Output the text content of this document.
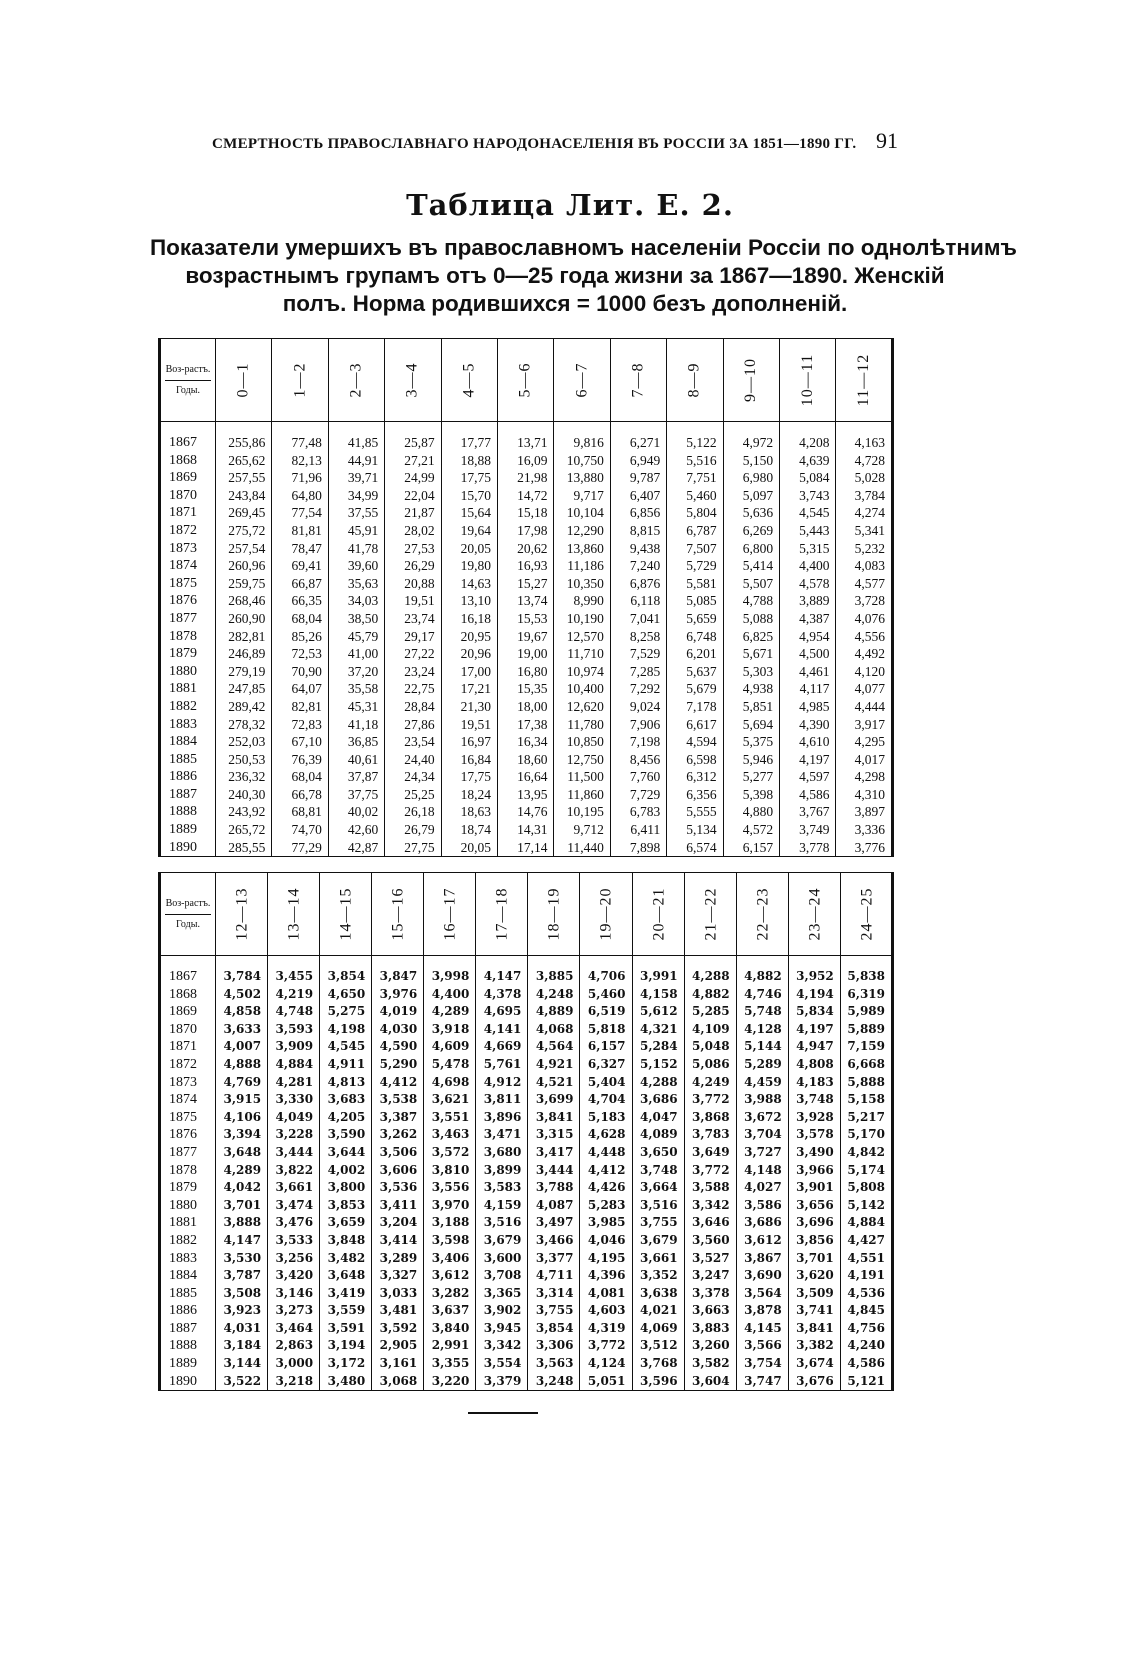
СМЕРТНОСТЬ ПРАВОСЛАВНАГО НАРОДОНАСЕЛЕНІЯ ВЪ РОССІИ ЗА 1851—1890 ГГ. 91
Таблица Лит. Е. 2.
Показатели умершихъ въ православномъ населеніи Россіи по однолѣтнимъ
возрастнымъ групамъ отъ 0—25 года жизни за 1867—1890. Женскій
полъ. Норма родившихся = 1000 безъ дополненій.
Воз-растъ.
Годы.	0—1	1—2	2—3	3—4	4—5	5—6	6—7	7—8	8—9	9—10	10—11	11—12

1867	255,86	77,48	41,85	25,87	17,77	13,71	9,816	6,271	5,122	4,972	4,208	4,163
1868	265,62	82,13	44,91	27,21	18,88	16,09	10,750	6,949	5,516	5,150	4,639	4,728
1869	257,55	71,96	39,71	24,99	17,75	21,98	13,880	9,787	7,751	6,980	5,084	5,028
1870	243,84	64,80	34,99	22,04	15,70	14,72	9,717	6,407	5,460	5,097	3,743	3,784
1871	269,45	77,54	37,55	21,87	15,64	15,18	10,104	6,856	5,804	5,636	4,545	4,274
1872	275,72	81,81	45,91	28,02	19,64	17,98	12,290	8,815	6,787	6,269	5,443	5,341
1873	257,54	78,47	41,78	27,53	20,05	20,62	13,860	9,438	7,507	6,800	5,315	5,232
1874	260,96	69,41	39,60	26,29	19,80	16,93	11,186	7,240	5,729	5,414	4,400	4,083
1875	259,75	66,87	35,63	20,88	14,63	15,27	10,350	6,876	5,581	5,507	4,578	4,577
1876	268,46	66,35	34,03	19,51	13,10	13,74	8,990	6,118	5,085	4,788	3,889	3,728
1877	260,90	68,04	38,50	23,74	16,18	15,53	10,190	7,041	5,659	5,088	4,387	4,076
1878	282,81	85,26	45,79	29,17	20,95	19,67	12,570	8,258	6,748	6,825	4,954	4,556
1879	246,89	72,53	41,00	27,22	20,96	19,00	11,710	7,529	6,201	5,671	4,500	4,492
1880	279,19	70,90	37,20	23,24	17,00	16,80	10,974	7,285	5,637	5,303	4,461	4,120
1881	247,85	64,07	35,58	22,75	17,21	15,35	10,400	7,292	5,679	4,938	4,117	4,077
1882	289,42	82,81	45,31	28,84	21,30	18,00	12,620	9,024	7,178	5,851	4,985	4,444
1883	278,32	72,83	41,18	27,86	19,51	17,38	11,780	7,906	6,617	5,694	4,390	3,917
1884	252,03	67,10	36,85	23,54	16,97	16,34	10,850	7,198	4,594	5,375	4,610	4,295
1885	250,53	76,39	40,61	24,40	16,84	18,60	12,750	8,456	6,598	5,946	4,197	4,017
1886	236,32	68,04	37,87	24,34	17,75	16,64	11,500	7,760	6,312	5,277	4,597	4,298
1887	240,30	66,78	37,75	25,25	18,24	13,95	11,860	7,729	6,356	5,398	4,586	4,310
1888	243,92	68,81	40,02	26,18	18,63	14,76	10,195	6,783	5,555	4,880	3,767	3,897
1889	265,72	74,70	42,60	26,79	18,74	14,31	9,712	6,411	5,134	4,572	3,749	3,336
1890	285,55	77,29	42,87	27,75	20,05	17,14	11,440	7,898	6,574	6,157	3,778	3,776
Воз-растъ.
Годы.	12—13	13—14	14—15	15—16	16—17	17—18	18—19	19—20	20—21	21—22	22—23	23—24	24—25

1867	3,784	3,455	3,854	3,847	3,998	4,147	3,885	4,706	3,991	4,288	4,882	3,952	5,838
1868	4,502	4,219	4,650	3,976	4,400	4,378	4,248	5,460	4,158	4,882	4,746	4,194	6,319
1869	4,858	4,748	5,275	4,019	4,289	4,695	4,889	6,519	5,612	5,285	5,748	5,834	5,989
1870	3,633	3,593	4,198	4,030	3,918	4,141	4,068	5,818	4,321	4,109	4,128	4,197	5,889
1871	4,007	3,909	4,545	4,590	4,609	4,669	4,564	6,157	5,284	5,048	5,144	4,947	7,159
1872	4,888	4,884	4,911	5,290	5,478	5,761	4,921	6,327	5,152	5,086	5,289	4,808	6,668
1873	4,769	4,281	4,813	4,412	4,698	4,912	4,521	5,404	4,288	4,249	4,459	4,183	5,888
1874	3,915	3,330	3,683	3,538	3,621	3,811	3,699	4,704	3,686	3,772	3,988	3,748	5,158
1875	4,106	4,049	4,205	3,387	3,551	3,896	3,841	5,183	4,047	3,868	3,672	3,928	5,217
1876	3,394	3,228	3,590	3,262	3,463	3,471	3,315	4,628	4,089	3,783	3,704	3,578	5,170
1877	3,648	3,444	3,644	3,506	3,572	3,680	3,417	4,448	3,650	3,649	3,727	3,490	4,842
1878	4,289	3,822	4,002	3,606	3,810	3,899	3,444	4,412	3,748	3,772	4,148	3,966	5,174
1879	4,042	3,661	3,800	3,536	3,556	3,583	3,788	4,426	3,664	3,588	4,027	3,901	5,808
1880	3,701	3,474	3,853	3,411	3,970	4,159	4,087	5,283	3,516	3,342	3,586	3,656	5,142
1881	3,888	3,476	3,659	3,204	3,188	3,516	3,497	3,985	3,755	3,646	3,686	3,696	4,884
1882	4,147	3,533	3,848	3,414	3,598	3,679	3,466	4,046	3,679	3,560	3,612	3,856	4,427
1883	3,530	3,256	3,482	3,289	3,406	3,600	3,377	4,195	3,661	3,527	3,867	3,701	4,551
1884	3,787	3,420	3,648	3,327	3,612	3,708	4,711	4,396	3,352	3,247	3,690	3,620	4,191
1885	3,508	3,146	3,419	3,033	3,282	3,365	3,314	4,081	3,638	3,378	3,564	3,509	4,536
1886	3,923	3,273	3,559	3,481	3,637	3,902	3,755	4,603	4,021	3,663	3,878	3,741	4,845
1887	4,031	3,464	3,591	3,592	3,840	3,945	3,854	4,319	4,069	3,883	4,145	3,841	4,756
1888	3,184	2,863	3,194	2,905	2,991	3,342	3,306	3,772	3,512	3,260	3,566	3,382	4,240
1889	3,144	3,000	3,172	3,161	3,355	3,554	3,563	4,124	3,768	3,582	3,754	3,674	4,586
1890	3,522	3,218	3,480	3,068	3,220	3,379	3,248	5,051	3,596	3,604	3,747	3,676	5,121
